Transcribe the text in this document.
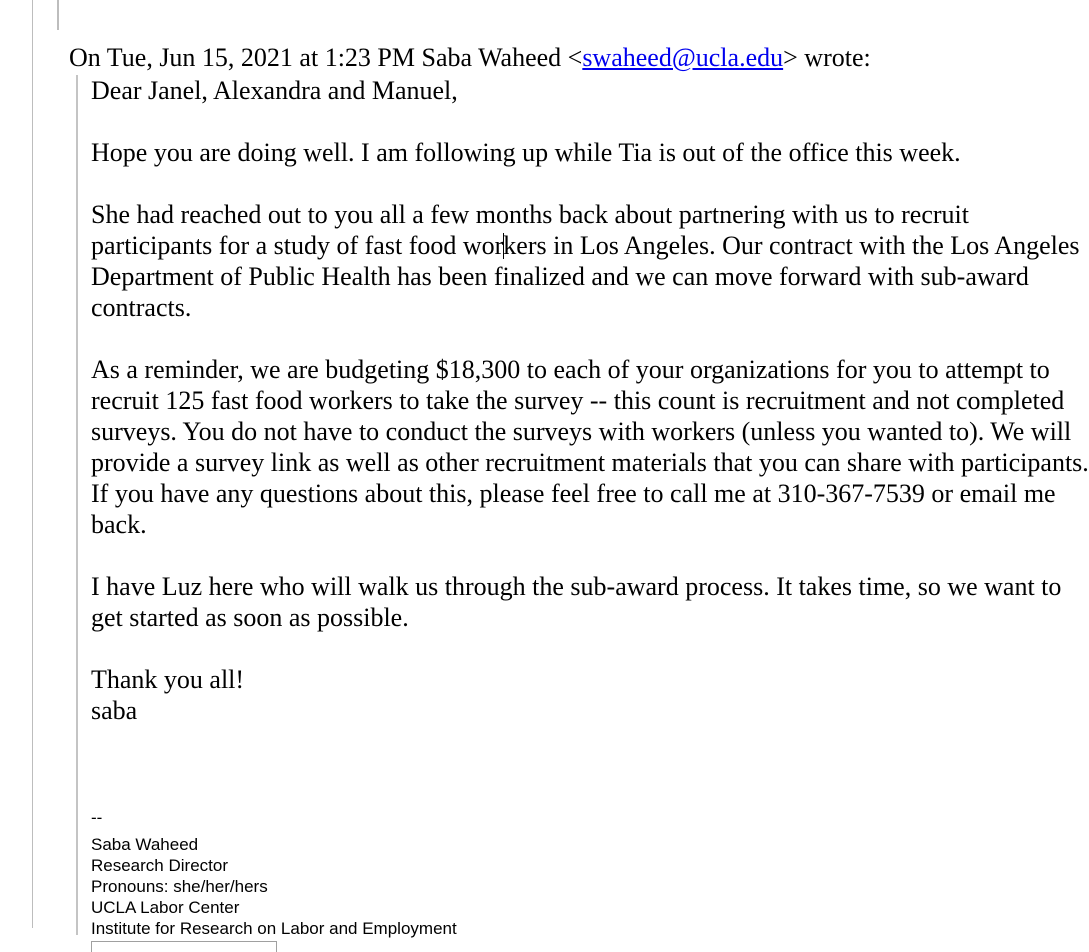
On Tue, Jun 15, 2021 at 1:23 PM Saba Waheed <swaheed@ucla.edu> wrote:

Dear Janel, Alexandra and Manuel,

Hope you are doing well. I am following up while Tia is out of the office this week.

She had reached out to you all a few months back about partnering with us to recruit participants for a study of fast food workers in Los Angeles. Our contract with the Los Angeles Department of Public Health has been finalized and we can move forward with sub-award contracts.

As a reminder, we are budgeting $18,300 to each of your organizations for you to attempt to recruit 125 fast food workers to take the survey -- this count is recruitment and not completed surveys. You do not have to conduct the surveys with workers (unless you wanted to). We will provide a survey link as well as other recruitment materials that you can share with participants. If you have any questions about this, please feel free to call me at 310-367-7539 or email me back.

I have Luz here who will walk us through the sub-award process. It takes time, so we want to get started as soon as possible.

Thank you all!

saba

--
Saba Waheed
Research Director
Pronouns: she/her/hers
UCLA Labor Center
Institute for Research on Labor and Employment
